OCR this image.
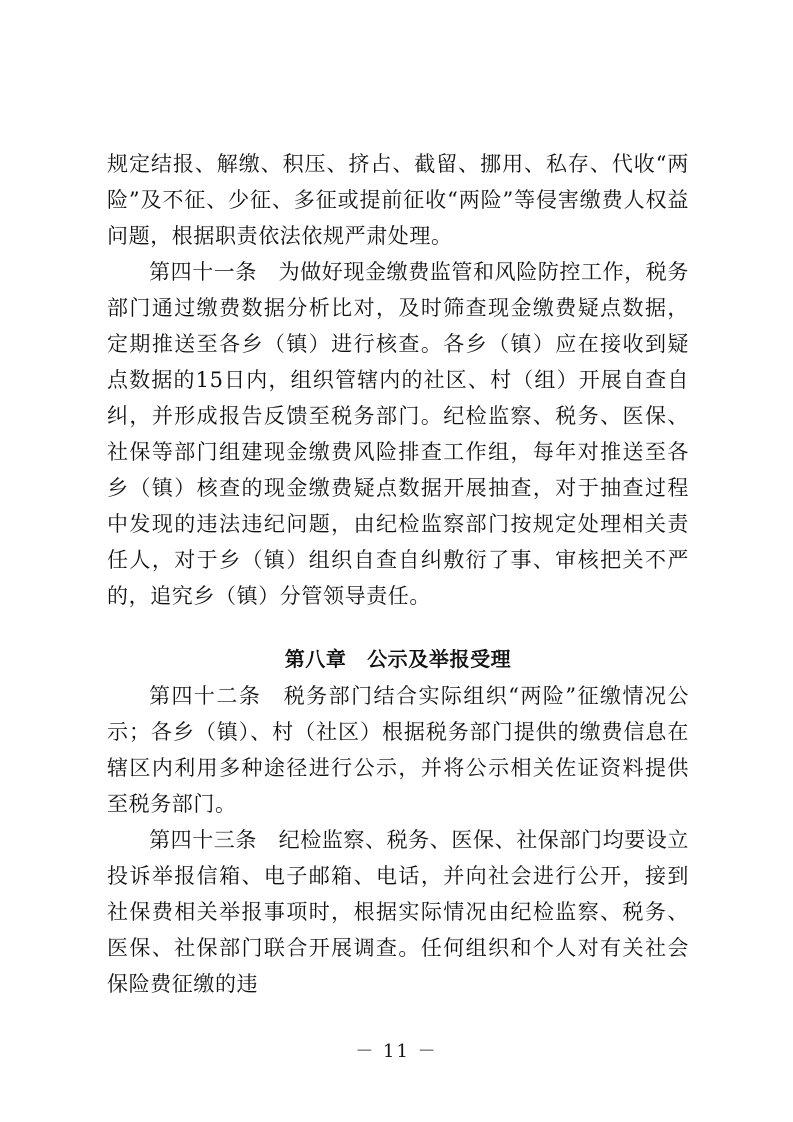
规定结报、解缴、积压、挤占、截留、挪用、私存、代收“两险”及不征、少征、多征或提前征收“两险”等侵害缴费人权益问题，根据职责依法依规严肃处理。

第四十一条　为做好现金缴费监管和风险防控工作，税务部门通过缴费数据分析比对，及时筛查现金缴费疑点数据，定期推送至各乡（镇）进行核查。各乡（镇）应在接收到疑点数据的15日内，组织管辖内的社区、村（组）开展自查自纠，并形成报告反馈至税务部门。纪检监察、税务、医保、社保等部门组建现金缴费风险排查工作组，每年对推送至各乡（镇）核查的现金缴费疑点数据开展抽查，对于抽查过程中发现的违法违纪问题，由纪检监察部门按规定处理相关责任人，对于乡（镇）组织自查自纠敷衍了事、审核把关不严的，追究乡（镇）分管领导责任。

第八章　公示及举报受理

第四十二条　税务部门结合实际组织“两险”征缴情况公示；各乡（镇）、村（社区）根据税务部门提供的缴费信息在辖区内利用多种途径进行公示，并将公示相关佐证资料提供至税务部门。

第四十三条　纪检监察、税务、医保、社保部门均要设立投诉举报信箱、电子邮箱、电话，并向社会进行公开，接到社保费相关举报事项时，根据实际情况由纪检监察、税务、医保、社保部门联合开展调查。任何组织和个人对有关社会保险费征缴的违

－ 11 －
